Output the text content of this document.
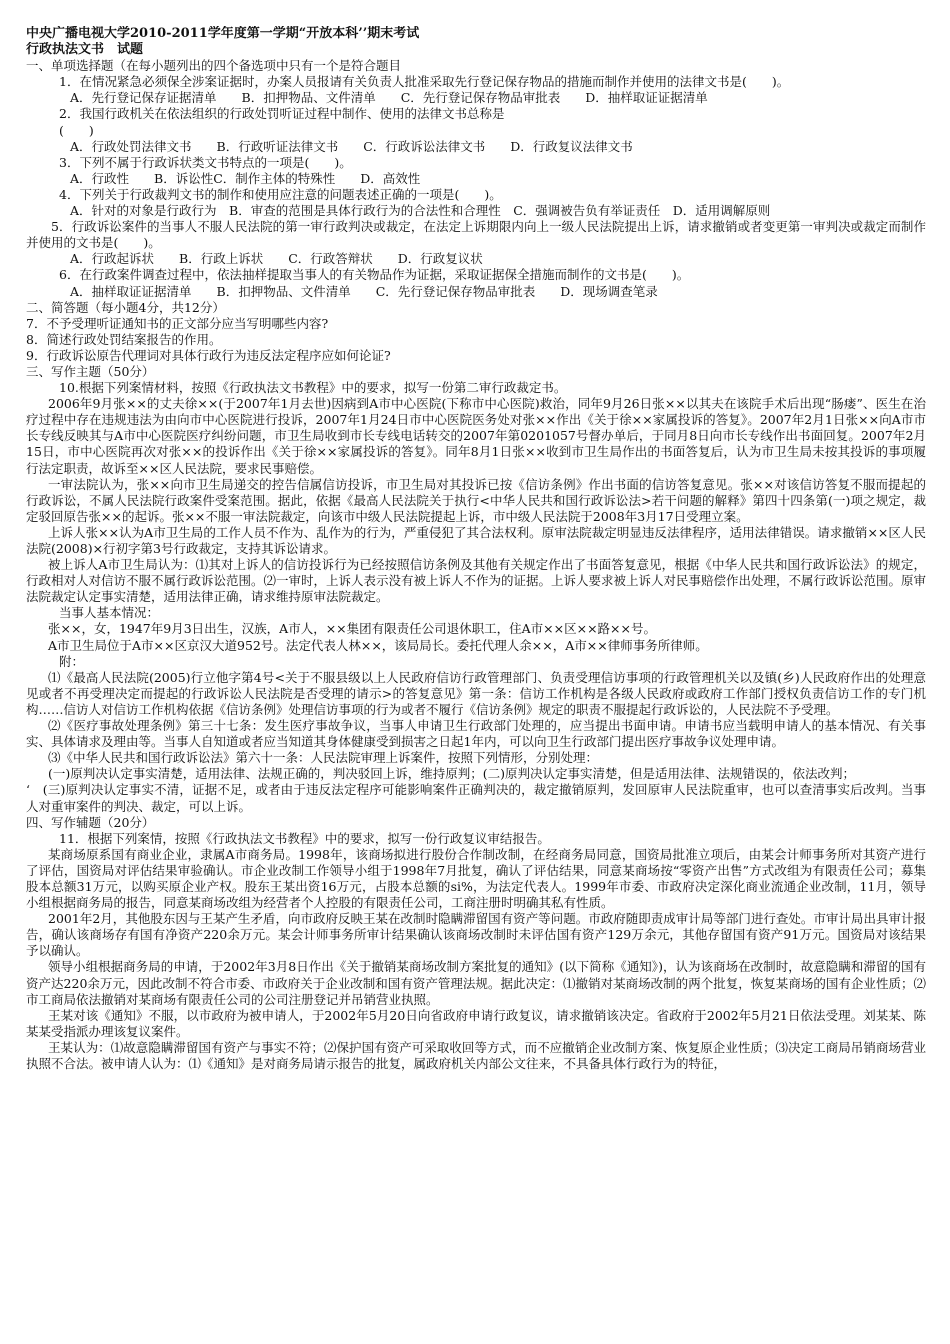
中央广播电视大学2010-2011学年度第一学期“开放本科’’期末考试
行政执法文书　试题
一、单项选择题（在每小题列出的四个备选项中只有一个是符合题目
1．在情况紧急必须保全涉案证据时，办案人员报请有关负责人批准采取先行登记保存物品的措施而制作并使用的法律文书是(　　)。
A．先行登记保存证据清单　　B．扣押物品、文件清单　　C．先行登记保存物品审批表　　D．抽样取证证据清单
2．我国行政机关在依法组织的行政处罚听证过程中制作、使用的法律文书总称是
(　　)
A．行政处罚法律文书　　B．行政听证法律文书　　C．行政诉讼法律文书　　D．行政复议法律文书
3．下列不属于行政诉状类文书特点的一项是(　　)。
A．行政性　　B．诉讼性C．制作主体的特殊性　　D．高效性
4．下列关于行政裁判文书的制作和使用应注意的问题表述正确的一项是(　　)。
A．针对的对象是行政行为　B．审查的范围是具体行政行为的合法性和合理性　C．强调被告负有举证责任　D．适用调解原则
5．行政诉讼案件的当事人不服人民法院的第一审行政判决或裁定，在法定上诉期限内向上一级人民法院提出上诉，请求撤销或者变更第一审判决或裁定而制作并使用的文书是(　　)。
A．行政起诉状　　B．行政上诉状　　C．行政答辩状　　D．行政复议状
6．在行政案件调查过程中，依法抽样提取当事人的有关物品作为证据，采取证据保全措施而制作的文书是(　　)。
A．抽样取证证据清单　　B．扣押物品、文件清单　　C．先行登记保存物品审批表　　D．现场调查笔录
二、简答题（每小题4分，共12分）
7．不予受理听证通知书的正文部分应当写明哪些内容?
8．简述行政处罚结案报告的作用。
9．行政诉讼原告代理词对具体行政行为违反法定程序应如何论证?
三、写作主题（50分）
10.根据下列案情材料，按照《行政执法文书教程》中的要求，拟写一份第二审行政裁定书。
2006年9月张××的丈夫徐××(于2007年1月去世)因病到A市中心医院(下称市中心医院)救治，同年9月26日张××以其夫在该院手术后出现“肠瘘”、医生在治疗过程中存在违规违法为由向市中心医院进行投诉，2007年1月24日市中心医院医务处对张××作出《关于徐××家属投诉的答复》。2007年2月1日张××向A市市长专线反映其与A市中心医院医疗纠纷问题，市卫生局收到市长专线电话转交的2007年第0201057号督办单后，于同月8日向市长专线作出书面回复。2007年2月15日，市中心医院再次对张××的投诉作出《关于徐××家属投诉的答复》。同年8月1日张××收到市卫生局作出的书面答复后，认为市卫生局未按其投诉的事项履行法定职责，故诉至××区人民法院，要求民事赔偿。
一审法院认为，张××向市卫生局递交的控告信属信访投诉，市卫生局对其投诉已按《信访条例》作出书面的信访答复意见。张××对该信访答复不服而提起的行政诉讼，不属人民法院行政案件受案范围。据此，依据《最高人民法院关于执行<中华人民共和国行政诉讼法>若干问题的解释》第四十四条第(一)项之规定，裁定驳回原告张××的起诉。张××不服一审法院裁定，向该市中级人民法院提起上诉，市中级人民法院于2008年3月17日受理立案。
上诉人张××认为A市卫生局的工作人员不作为、乱作为的行为，严重侵犯了其合法权利。原审法院裁定明显违反法律程序，适用法律错误。请求撤销××区人民法院(2008)×行初字第3号行政裁定，支持其诉讼请求。
被上诉人A市卫生局认为：⑴其对上诉人的信访投诉行为已经按照信访条例及其他有关规定作出了书面答复意见，根据《中华人民共和国行政诉讼法》的规定，行政相对人对信访不服不属行政诉讼范围。⑵一审时，上诉人表示没有被上诉人不作为的证据。上诉人要求被上诉人对民事赔偿作出处理，不属行政诉讼范围。原审法院裁定认定事实清楚，适用法律正确，请求维持原审法院裁定。
当事人基本情况：
张××，女，1947年9月3日出生，汉族，A市人，××集团有限责任公司退休职工，住A市××区××路××号。
A市卫生局位于A市××区京汉大道952号。法定代表人林××，该局局长。委托代理人余××，A市××律师事务所律师。
附：
⑴《最高人民法院(2005)行立他字第4号<关于不服县级以上人民政府信访行政管理部门、负责受理信访事项的行政管理机关以及镇(乡)人民政府作出的处理意见或者不再受理决定而提起的行政诉讼人民法院是否受理的请示>的答复意见》第一条：信访工作机构是各级人民政府或政府工作部门授权负责信访工作的专门机构……信访人对信访工作机构依据《信访条例》处理信访事项的行为或者不履行《信访条例》规定的职责不服提起行政诉讼的，人民法院不予受理。
⑵《医疗事故处理条例》第三十七条：发生医疗事故争议，当事人申请卫生行政部门处理的，应当提出书面申请。申请书应当载明申请人的基本情况、有关事实、具体请求及理由等。当事人自知道或者应当知道其身体健康受到损害之日起1年内，可以向卫生行政部门提出医疗事故争议处理申请。
⑶《中华人民共和国行政诉讼法》第六十一条：人民法院审理上诉案件，按照下列情形，分别处理：
(一)原判决认定事实清楚，适用法律、法规正确的，判决驳回上诉，维持原判；(二)原判决认定事实清楚，但是适用法律、法规错误的，依法改判；
‘　(三)原判决认定事实不清，证据不足，或者由于违反法定程序可能影响案件正确判决的，裁定撤销原判，发回原审人民法院重审，也可以查清事实后改判。当事人对重审案件的判决、裁定，可以上诉。
四、写作辅题（20分）
11．根据下列案情，按照《行政执法文书教程》中的要求，拟写一份行政复议审结报告。
某商场原系国有商业企业，隶属A市商务局。1998年，该商场拟进行股份合作制改制，在经商务局同意，国资局批准立项后，由某会计师事务所对其资产进行了评估，国资局对评估结果审验确认。市企业改制工作领导小组于1998年7月批复，确认了评估结果，同意某商场按“零资产出售”方式改组为有限责任公司；募集股本总额31万元，以购买原企业产权。股东王某出资16万元，占股本总额的si%，为法定代表人。1999年市委、市政府决定深化商业流通企业改制，11月，领导小组根据商务局的报告，同意某商场改组为经营者个人控股的有限责任公司，工商注册时明确其私有性质。
2001年2月，其他股东因与王某产生矛盾，向市政府反映王某在改制时隐瞒滞留国有资产等问题。市政府随即责成审计局等部门进行查处。市审计局出具审计报告，确认该商场存有国有净资产220余万元。某会计师事务所审计结果确认该商场改制时未评估国有资产129万余元，其他存留国有资产91万元。国资局对该结果予以确认。
领导小组根据商务局的申请，于2002年3月8日作出《关于撤销某商场改制方案批复的通知》(以下简称《通知》)，认为该商场在改制时，故意隐瞒和滞留的国有资产达220余万元，因此改制不符合市委、市政府关于企业改制和国有资产管理法规。据此决定：⑴撤销对某商场改制的两个批复，恢复某商场的国有企业性质；⑵市工商局依法撤销对某商场有限责任公司的公司注册登记并吊销营业执照。
王某对该《通知》不服，以市政府为被申请人，于2002年5月20日向省政府申请行政复议，请求撤销该决定。省政府于2002年5月21日依法受理。刘某某、陈某某受指派办理该复议案件。
王某认为：⑴故意隐瞒滞留国有资产与事实不符；⑵保护国有资产可采取收回等方式，而不应撤销企业改制方案、恢复原企业性质；⑶决定工商局吊销商场营业执照不合法。被申请人认为：⑴《通知》是对商务局请示报告的批复，属政府机关内部公文往来，不具备具体行政行为的特征，
